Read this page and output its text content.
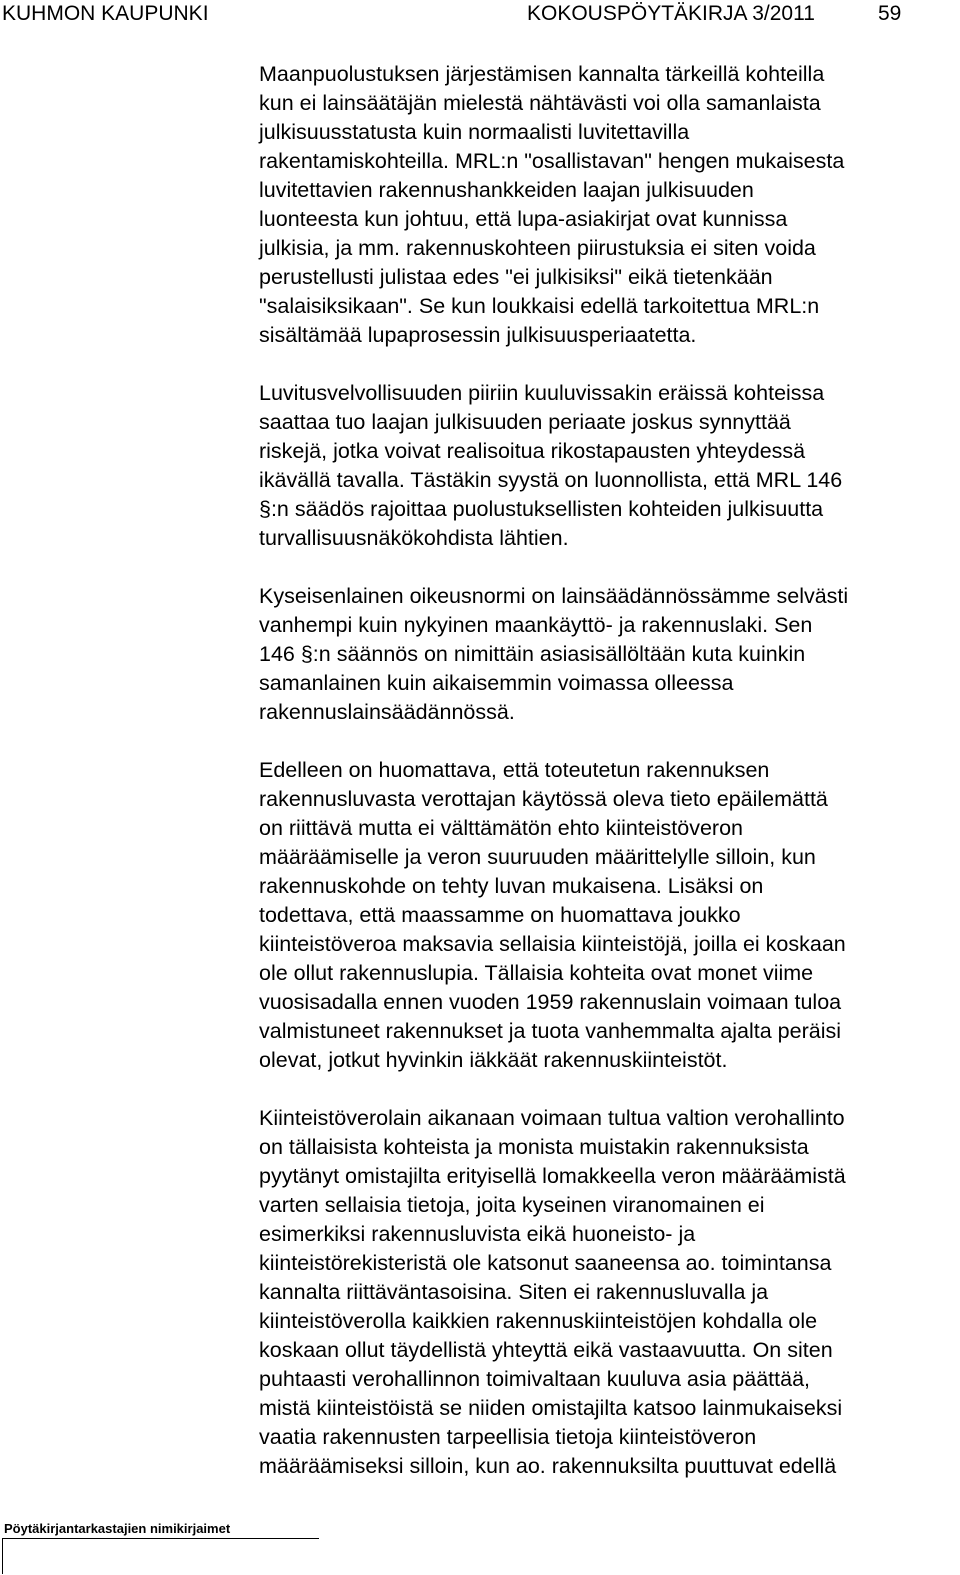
KUHMON KAUPUNKI	KOKOUSPÖYTÄKIRJA 3/2011	59
Maanpuolustuksen järjestämisen kannalta tärkeillä kohteilla
kun ei lainsäätäjän mielestä nähtävästi voi olla samanlaista
julkisuusstatusta kuin normaalisti luvitettavilla
rakentamiskohteilla. MRL:n "osallistavan" hengen mukaisesta
luvitettavien rakennushankkeiden laajan julkisuuden
luonteesta kun johtuu, että lupa-asiakirjat ovat kunnissa
julkisia, ja mm. rakennuskohteen piirustuksia ei siten voida
perustellusti julistaa edes "ei julkisiksi" eikä tietenkään
"salaisiksikaan". Se kun loukkaisi edellä tarkoitettua MRL:n
sisältämää lupaprosessin julkisuusperiaatetta.
Luvitusvelvollisuuden piiriin kuuluvissakin eräissä kohteissa
saattaa tuo laajan julkisuuden periaate joskus synnyttää
riskejä, jotka voivat realisoitua rikostapausten yhteydessä
ikävällä tavalla. Tästäkin syystä on luonnollista, että MRL 146
§:n säädös rajoittaa puolustuksellisten kohteiden julkisuutta
turvallisuusnäkökohdista lähtien.
Kyseisenlainen oikeusnormi on lainsäädännössämme selvästi
vanhempi kuin nykyinen maankäyttö- ja rakennuslaki. Sen
146 §:n säännös on nimittäin asiasisällöltään kuta kuinkin
samanlainen kuin aikaisemmin voimassa olleessa
rakennuslainsäädännössä.
Edelleen on huomattava, että toteutetun rakennuksen
rakennusluvasta verottajan käytössä oleva tieto epäilemättä
on riittävä mutta ei välttämätön ehto kiinteistöveron
määräämiselle ja veron suuruuden määrittelylle silloin, kun
rakennuskohde on tehty luvan mukaisena. Lisäksi on
todettava, että maassamme on huomattava joukko
kiinteistöveroa maksavia sellaisia kiinteistöjä, joilla ei koskaan
ole ollut rakennuslupia. Tällaisia kohteita ovat monet viime
vuosisadalla ennen vuoden 1959 rakennuslain voimaan tuloa
valmistuneet rakennukset ja tuota vanhemmalta ajalta peräisi
olevat, jotkut hyvinkin iäkkäät rakennuskiinteistöt.
Kiinteistöverolain aikanaan voimaan tultua valtion verohallinto
on tällaisista kohteista ja monista muistakin rakennuksista
pyytänyt omistajilta erityisellä lomakkeella veron määräämistä
varten sellaisia tietoja, joita kyseinen viranomainen ei
esimerkiksi rakennusluvista eikä huoneisto- ja
kiinteistörekisteristä ole katsonut saaneensa ao. toimintansa
kannalta riittäväntasoisina. Siten ei rakennusluvalla ja
kiinteistöverolla kaikkien rakennuskiinteistöjen kohdalla ole
koskaan ollut täydellistä yhteyttä eikä vastaavuutta. On siten
puhtaasti verohallinnon toimivaltaan kuuluva asia päättää,
mistä kiinteistöistä se niiden omistajilta katsoo lainmukaiseksi
vaatia rakennusten tarpeellisia tietoja kiinteistöveron
määräämiseksi silloin, kun ao. rakennuksilta puuttuvat edellä
Pöytäkirjantarkastajien nimikirjaimet
